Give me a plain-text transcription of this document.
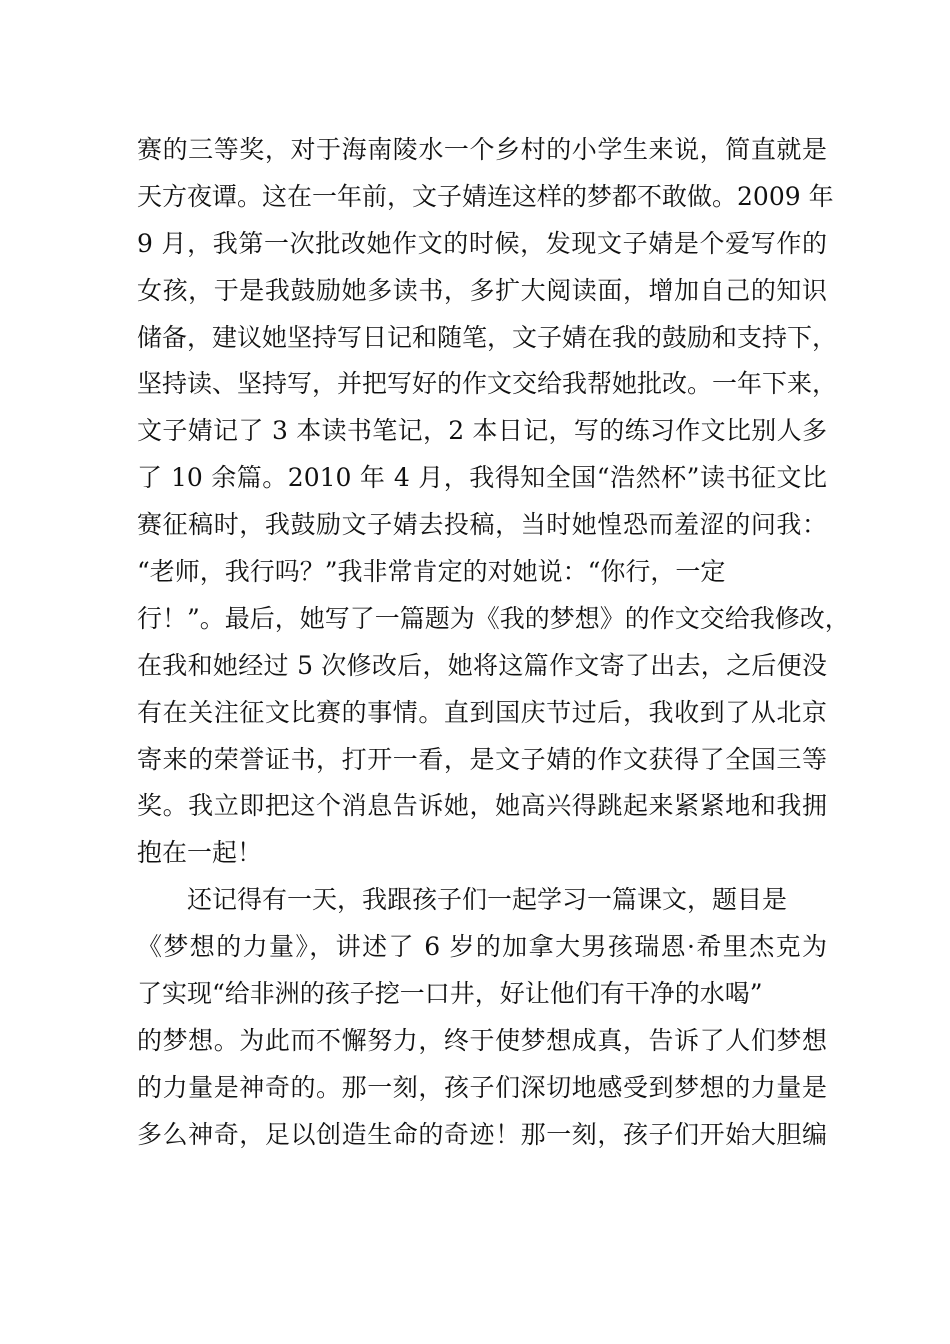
赛的三等奖，对于海南陵水一个乡村的小学生来说，简直就是
天方夜谭。这在一年前，文子婧连这样的梦都不敢做。2009 年
9 月，我第一次批改她作文的时候，发现文子婧是个爱写作的
女孩，于是我鼓励她多读书，多扩大阅读面，增加自己的知识
储备，建议她坚持写日记和随笔，文子婧在我的鼓励和支持下，
坚持读、坚持写，并把写好的作文交给我帮她批改。一年下来，
文子婧记了 3 本读书笔记，2 本日记，写的练习作文比别人多
了 10 余篇。2010 年 4 月，我得知全国“浩然杯”读书征文比
赛征稿时，我鼓励文子婧去投稿，当时她惶恐而羞涩的问我：
“老师，我行吗？”我非常肯定的对她说：“你行，一定
行！”。最后，她写了一篇题为《我的梦想》的作文交给我修改，
在我和她经过 5 次修改后，她将这篇作文寄了出去，之后便没
有在关注征文比赛的事情。直到国庆节过后，我收到了从北京
寄来的荣誉证书，打开一看，是文子婧的作文获得了全国三等
奖。我立即把这个消息告诉她，她高兴得跳起来紧紧地和我拥
抱在一起！
还记得有一天，我跟孩子们一起学习一篇课文，题目是
《梦想的力量》，讲述了 6 岁的加拿大男孩瑞恩·希里杰克为
了实现“给非洲的孩子挖一口井，好让他们有干净的水喝”
的梦想。为此而不懈努力，终于使梦想成真，告诉了人们梦想
的力量是神奇的。那一刻，孩子们深切地感受到梦想的力量是
多么神奇，足以创造生命的奇迹！那一刻，孩子们开始大胆编
